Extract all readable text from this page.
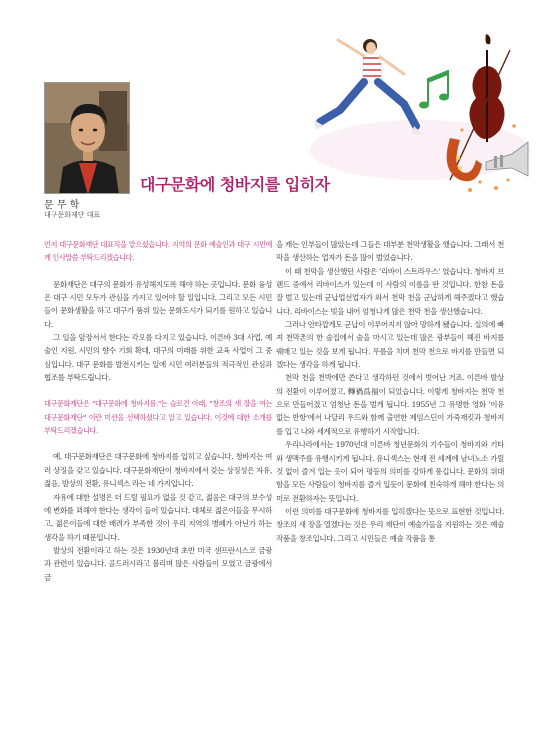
대구문화에 청바지를 입히자
문 무 학
대구문화재단 대표

언저 대구문화재단 대표직을 맡으셨습니다. 지역의 문화 예술인과 대구 시민에게 인사말씀 부탁드리겠습니다.

문화재단은 대구의 문화가 유성해지도록 해야 하는 곳입니다. 문화 융성은 대구 시민 모두가 관심을 가지고 있어야 할 일입니다. 그리고 모든 시민들이 문화생활을 하고 대구가 품위 있는 문화도시가 되기를 원하고 있습니다.

그 일을 앞장서서 한다는 각오를 다지고 있습니다. 이른바 3대 사업, 예술인 지원, 시민의 향수 기회 확대, 대구의 미래를 위한 교육 사업이 그 중심입니다. 대구 문화를 발전시키는 일에 시민 여러분들의 적극적인 관심과 협조를 부탁드립니다.

대구문화재단은 "대구문화에 청바지를."는 슬로건 아래, "창조의 새 장을 여는 대구문화재단" 이란 미션을 선택하셨다고 알고 있습니다. 이것에 대한 소개를 부탁드리겠습니다.

예, 대구문화재단은 대구문화에 청바지를 입히고 싶습니다. 청바지는 여러 상징을 갖고 있습니다. 대구문화재단이 청바지에서 갖는 상징성은 자유, 젊음, 발상의 전환, 유니섹스 라는 네 가지입니다.

자유에 대한 설명은 더 드릴 필요가 없을 것 같고, 젊음은 대구의 보수성에 변화를 꾀해야 한다는 생각이 들어 있습니다. 대체로 젊은이들을 무시하고, 젊은이들에 대한 배려가 부족한 것이 우리 지역의 병폐가 아닌가 하는 생각을 하기 때문입니다.

발상의 전환이라고 하는 것은 1930년대 초반 미국 샌프란시스코 금광과 관련이 있습니다. 골드러시라고 불리며 많은 사람들이 모였고 금광에서 금

을 캐는 인부들이 많았는데 그들은 대부분 천막생활을 했습니다. 그래서 천막을 생산하는 업자가 돈을 많이 벌었습니다.

이 때 천막을 생산했던 사람은 '리바이 스트라우스' 였습니다. 청바지 브랜드 중에서 리바이스가 있는데 이 사람의 이름을 딴 것입니다. 한참 돈을 잘 벌고 있는데 군납업선업자가 와서 천막 천을 군납하게 해주겠다고 했습니다. 리바이스는 빚을 내어 엄청나게 많은 천막 천을 생산했습니다.

그러나 안타깝게도 군납이 이루어지지 않아 망하게 됐습니다. 실의에 빠져 천막촌의 한 술집에서 술을 마시고 있는데 많은 광부들이 헤진 바지를 꿰매고 있는 것을 보게 됩니다. 무릎을 치며 천막 천으로 바지를 만들면 되겠다는 생각을 하게 됩니다.

천막 천을 천박에만 쓴다고 생각하던 것에서 벗어난 거죠. 이른바 발상의 전환이 이루어졌고, 轉禍爲福이 되었습니다. 이렇게 청바지는 천막 천으로 만들어졌고 엄청난 돈을 벌게 됩니다. 1955년 그 유명한 영화 '이유 없는 반항'에서 나달리 우드와 함께 출연한 제임스딘이 가죽재킷과 청바지를 입고 나와 세계적으로 유행하기 시작합니다.

우리나라에서는 1970년대 이른바 청년문화의 기수들이 청바지와 기타와 생맥주를 유행시키게 됩니다. 유니섹스는 현재 전 세계에 남녀노소 가릴 것 없이 즐겨 입는 옷이 되어 평등의 의미를 강하게 풍깁니다. 문화의 위대함을 모든 사람들이 청바지를 즐겨 입듯이 문화에 친숙하게 해야 한다는 의미로 전환하자는 뜻입니다.

이런 의미를 대구문화에 청바지를 입히겠다는 뜻으로 표현한 것입니다. 창조의 새 장을 열겠다는 것은 우리 재단이 예술가들을 지원하는 것은 예술 작품을 창조입니다. 그리고 시민들은 예술 작품을 통
